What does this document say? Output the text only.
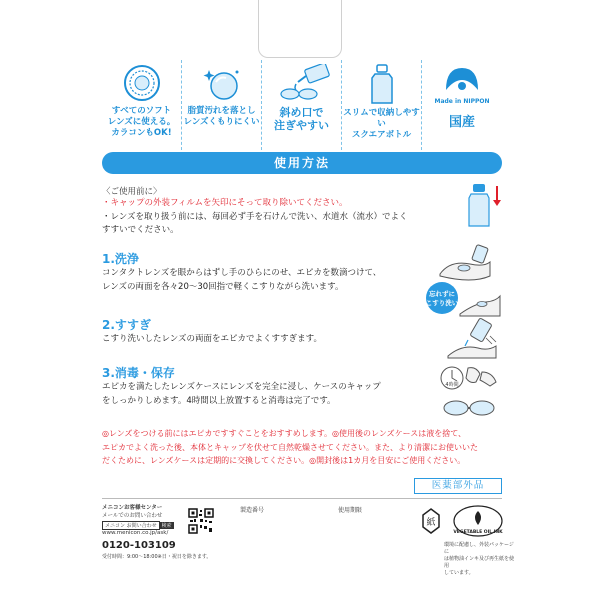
すべてのソフト
レンズに使える。
カラコンもOK!
脂質汚れを落とし
レンズくもりにくい
斜め口で
注ぎやすい
スリムで収納しやすい
スクエアボトル
Made in NIPPON
国産
使用方法
〈ご使用前に〉
・キャップの外装フィルムを矢印にそって取り除いてください。
・レンズを取り扱う前には、毎回必ず手を石けんで洗い、水道水（流水）でよく
すすいでください。
1.洗浄
コンタクトレンズを眼からはずし手のひらにのせ、エピカを数滴つけて、
レンズの両面を各々20〜30回指で軽くこすりながら洗います。
忘れずに
こすり洗い
2.すすぎ
こすり洗いしたレンズの両面をエピカでよくすすぎます。
3.消毒・保存
エピカを満たしたレンズケースにレンズを完全に浸し、ケースのキャップ
をしっかりしめます。4時間以上放置すると消毒は完了です。
4時間
◎レンズをつける前にはエピカですすぐことをおすすめします。◎使用後のレンズケースは液を捨て、
エピカでよく洗った後、本体とキャップを伏せて自然乾燥させてください。また、より清潔にお使いいた
だくために、レンズケースは定期的に交換してください。◎開封後は1カ月を目安にご使用ください。
医薬部外品
メニコンお客様センター
メールでのお問い合わせ
メニコン お問い合わせ 検索
www.menicon.co.jp/ask/
0120-103109
受付時間：9:00〜18:00※日・祝日を除きます。
製造番号	使用期限
紙
VEGETABLE OIL INK
環境に配慮し、外装パッケージに
は植物油インキ及び再生紙を使用
しています。
